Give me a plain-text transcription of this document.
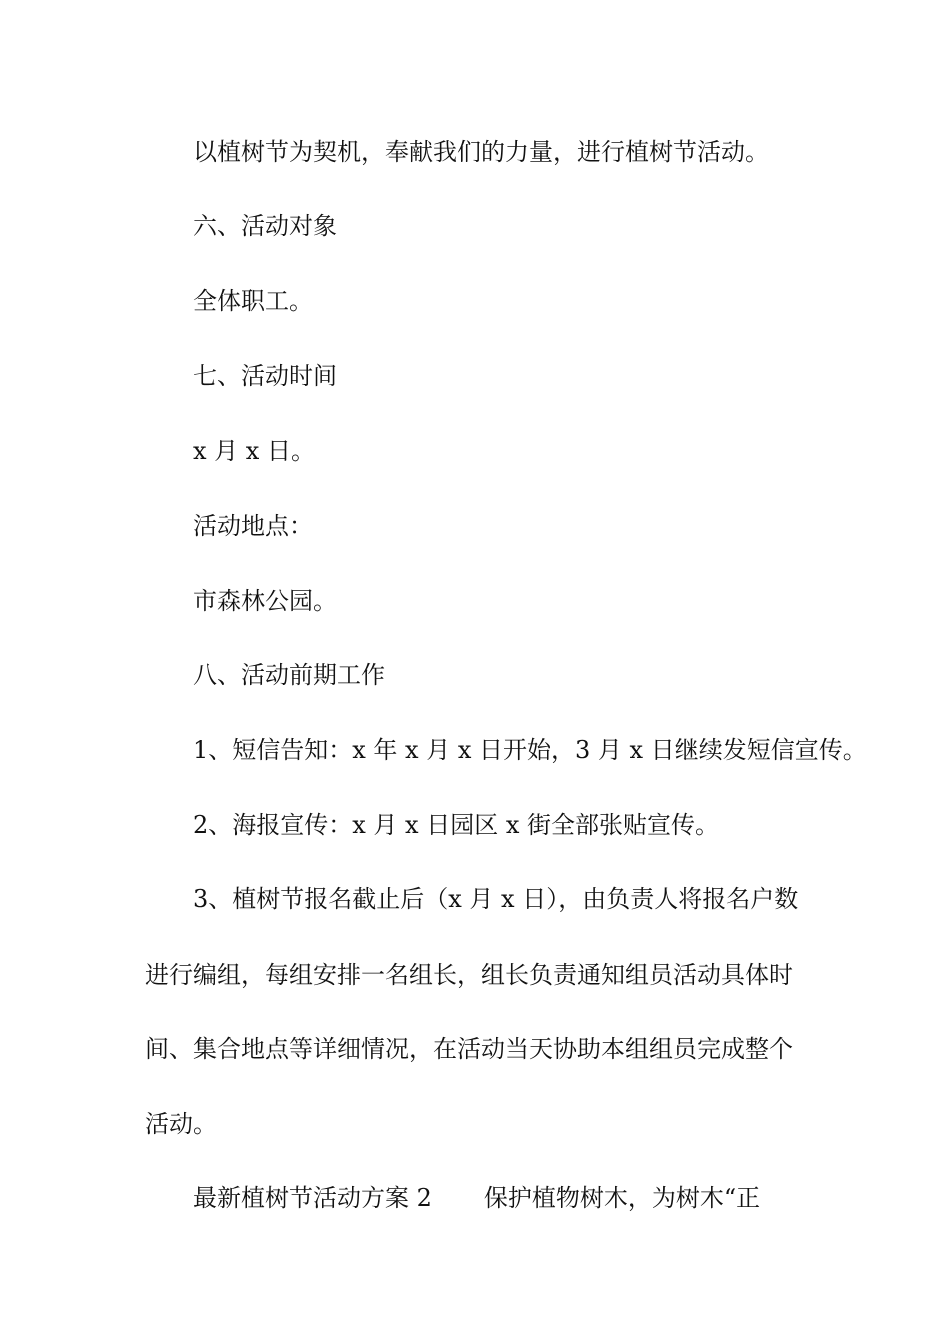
以植树节为契机，奉献我们的力量，进行植树节活动。
六、活动对象
全体职工。
七、活动时间
x 月 x 日。
活动地点：
市森林公园。
八、活动前期工作
1、短信告知：x 年 x 月 x 日开始，3 月 x 日继续发短信宣传。
2、海报宣传：x 月 x 日园区 x 街全部张贴宣传。
3、植树节报名截止后（x 月 x 日），由负责人将报名户数
进行编组，每组安排一名组长，组长负责通知组员活动具体时
间、集合地点等详细情况，在活动当天协助本组组员完成整个
活动。
最新植树节活动方案 2 保护植物树木，为树木“正
